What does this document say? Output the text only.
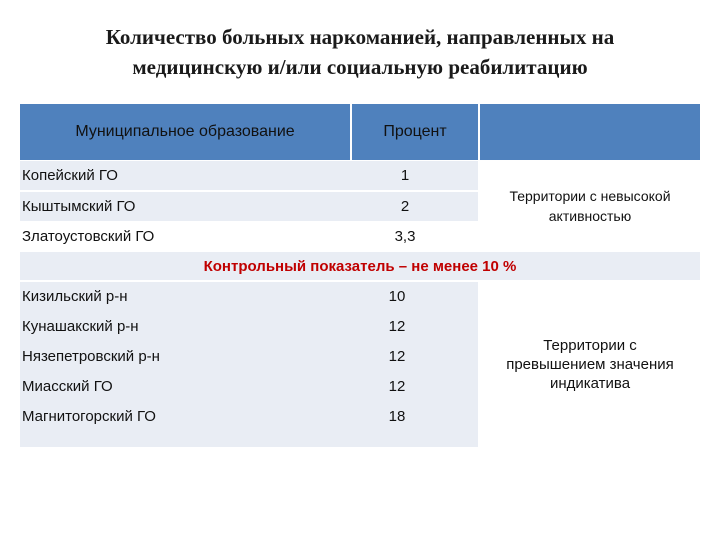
Количество больных наркоманией, направленных на
медицинскую и/или социальную реабилитацию
Муниципальное образование	Процент
Копейский ГО	1
Кыштымский ГО	2
Златоустовский ГО	3,3
Территории с невысокой активностью
Контрольный показатель – не менее 10 %
Кизильский р-н	10
Кунашакский р-н	12
Нязепетровский р-н	12
Миасский ГО	12
Магнитогорский ГО	18
Территории с превышением значения индикатива
